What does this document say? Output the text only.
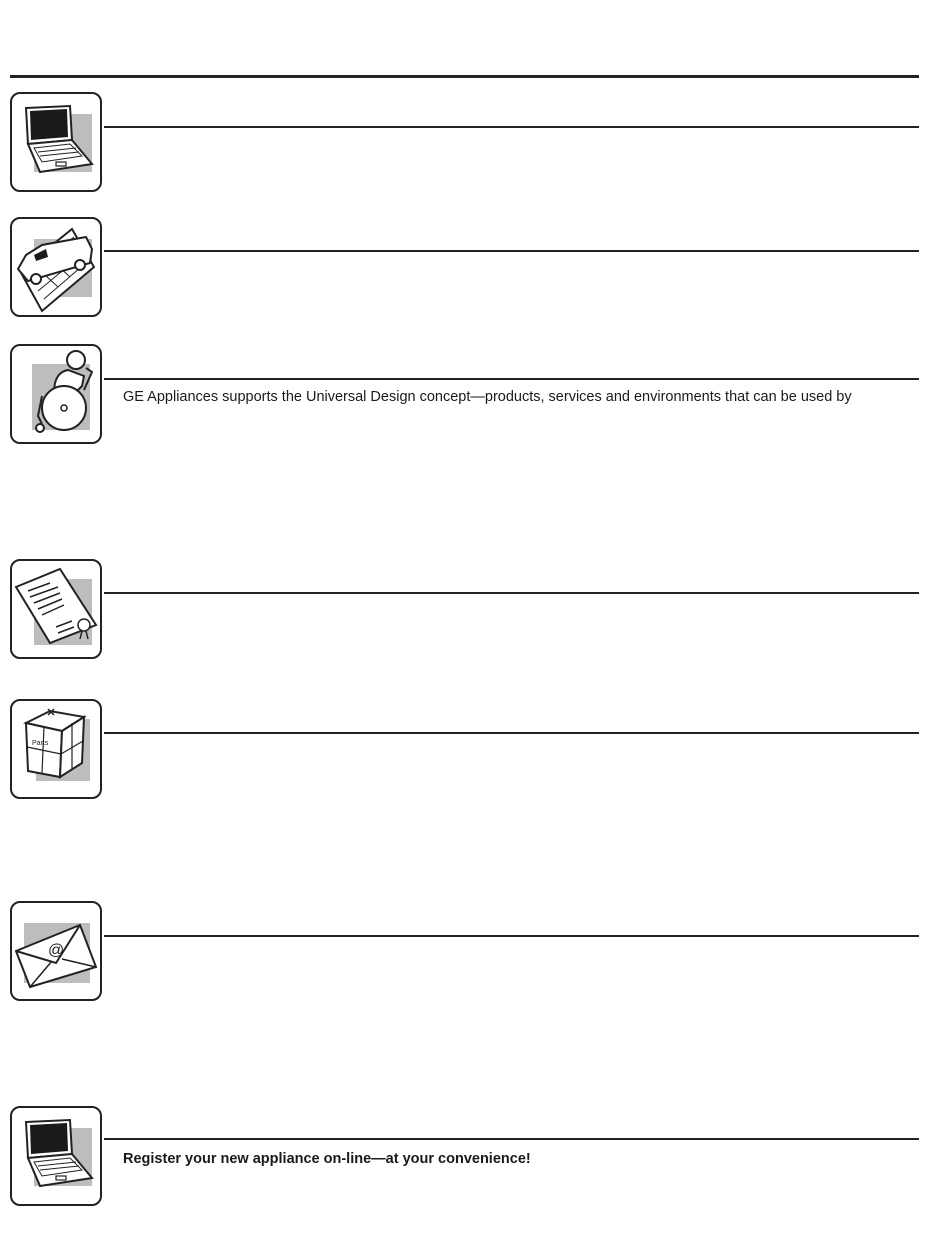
GE Appliances supports the Universal Design concept—products, services and environments that can be used by
Parts
@
Register your new appliance on-line—at your convenience!
